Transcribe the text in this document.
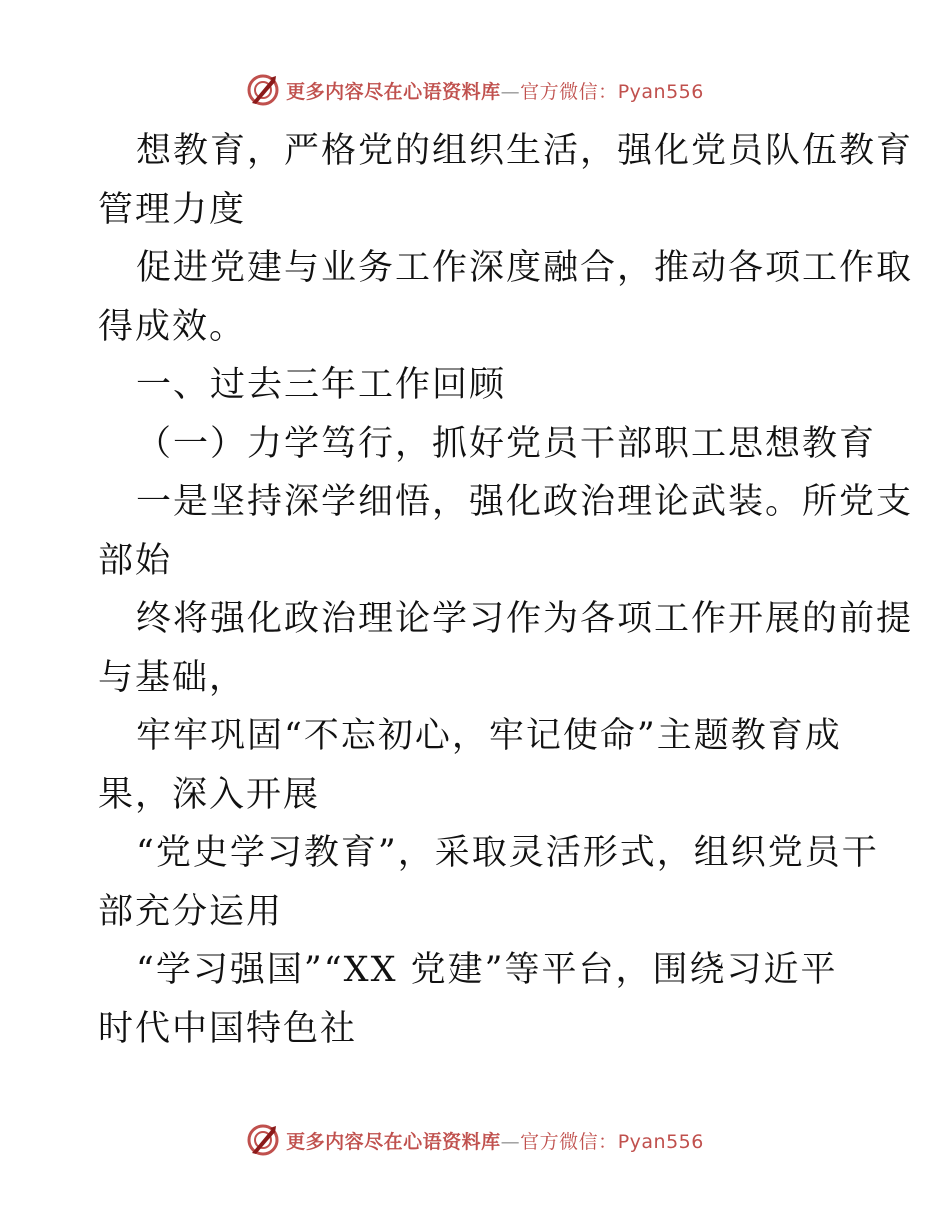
更多内容尽在心语资料库—官方微信：Pyan556
想教育，严格党的组织生活，强化党员队伍教育
管理力度
促进党建与业务工作深度融合，推动各项工作取
得成效。
一、过去三年工作回顾
（一）力学笃行，抓好党员干部职工思想教育
一是坚持深学细悟，强化政治理论武装。所党支
部始
终将强化政治理论学习作为各项工作开展的前提
与基础，
牢牢巩固“不忘初心，牢记使命”主题教育成
果，深入开展
“党史学习教育”，采取灵活形式，组织党员干
部充分运用
“学习强国”“XX 党建”等平台，围绕习近平
时代中国特色社
更多内容尽在心语资料库—官方微信：Pyan556
